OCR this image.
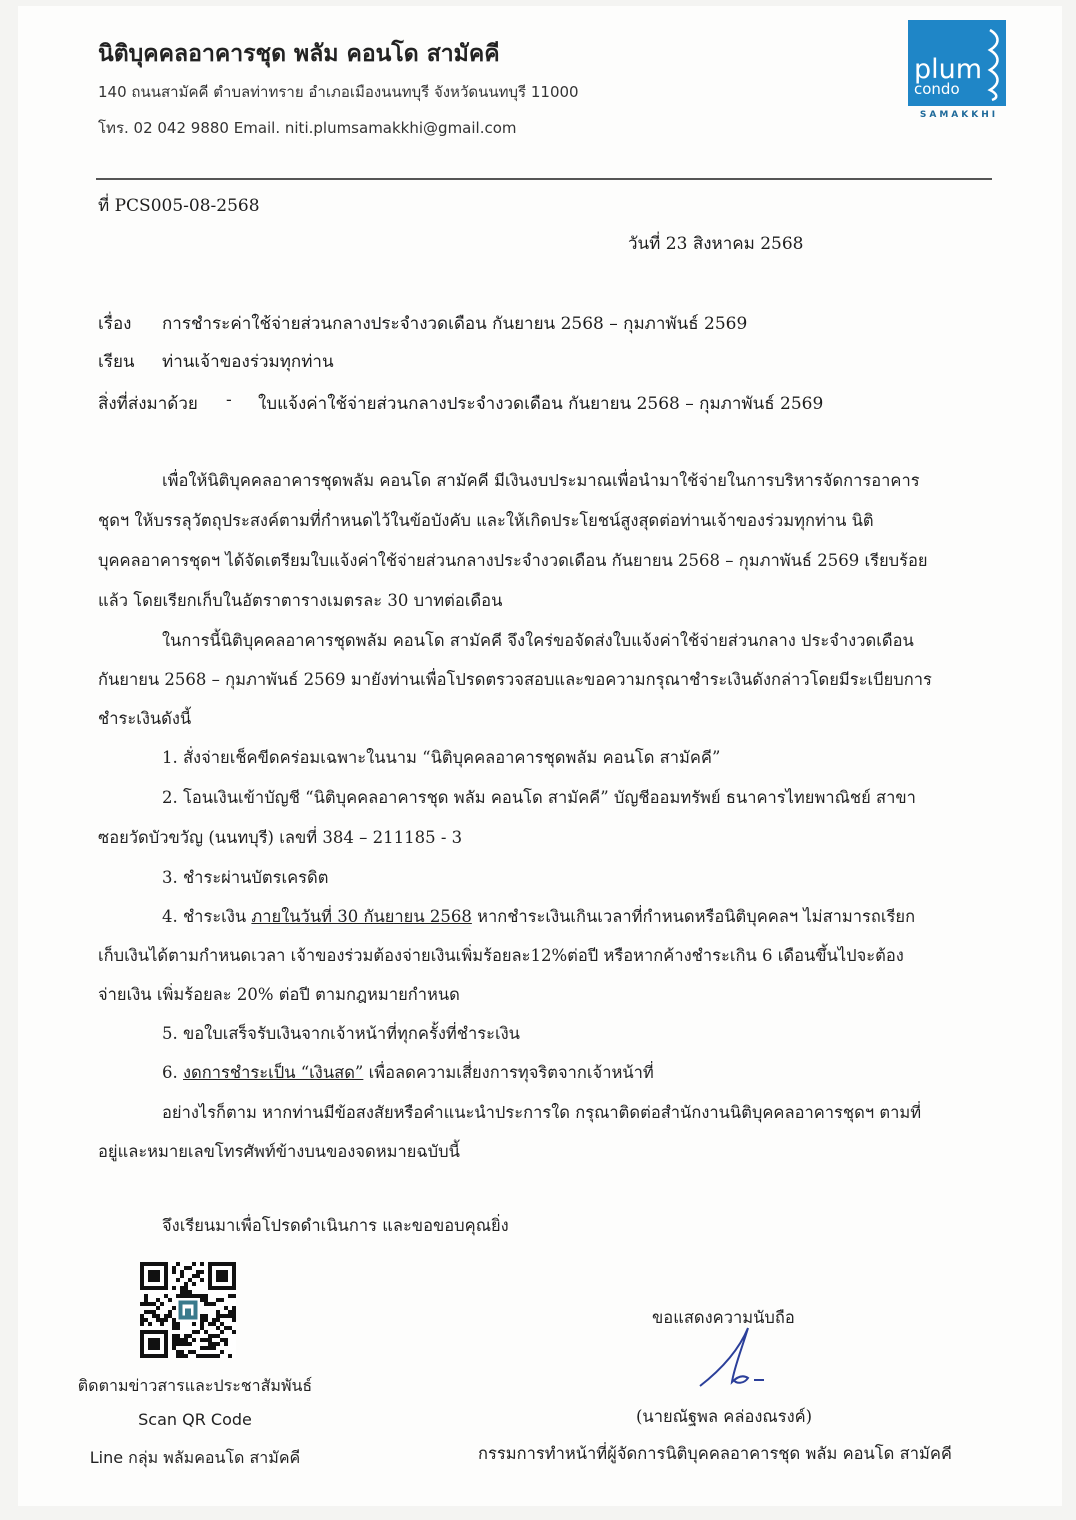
นิติบุคคลอาคารชุด พลัม คอนโด สามัคคี
140 ถนนสามัคคี ตำบลท่าทราย อำเภอเมืองนนทบุรี จังหวัดนนทบุรี 11000
โทร. 02 042 9880 Email. niti.plumsamakkhi@gmail.com
plum
condo
SAMAKKHI
ที่ PCS005-08-2568
วันที่ 23 สิงหาคม 2568
เรื่อง การชำระค่าใช้จ่ายส่วนกลางประจำงวดเดือน กันยายน 2568 – กุมภาพันธ์ 2569
เรียน ท่านเจ้าของร่วมทุกท่าน
สิ่งที่ส่งมาด้วย - ใบแจ้งค่าใช้จ่ายส่วนกลางประจำงวดเดือน กันยายน 2568 – กุมภาพันธ์ 2569
เพื่อให้นิติบุคคลอาคารชุดพลัม คอนโด สามัคคี มีเงินงบประมาณเพื่อนำมาใช้จ่ายในการบริหารจัดการอาคาร
ชุดฯ ให้บรรลุวัตถุประสงค์ตามที่กำหนดไว้ในข้อบังคับ และให้เกิดประโยชน์สูงสุดต่อท่านเจ้าของร่วมทุกท่าน นิติ
บุคคลอาคารชุดฯ ได้จัดเตรียมใบแจ้งค่าใช้จ่ายส่วนกลางประจำงวดเดือน กันยายน 2568 – กุมภาพันธ์ 2569 เรียบร้อย
แล้ว โดยเรียกเก็บในอัตราตารางเมตรละ 30 บาทต่อเดือน
ในการนี้นิติบุคคลอาคารชุดพลัม คอนโด สามัคคี จึงใคร่ขอจัดส่งใบแจ้งค่าใช้จ่ายส่วนกลาง ประจำงวดเดือน
กันยายน 2568 – กุมภาพันธ์ 2569 มายังท่านเพื่อโปรดตรวจสอบและขอความกรุณาชำระเงินดังกล่าวโดยมีระเบียบการ
ชำระเงินดังนี้
1. สั่งจ่ายเช็คขีดคร่อมเฉพาะในนาม “นิติบุคคลอาคารชุดพลัม คอนโด สามัคคี”
2. โอนเงินเข้าบัญชี “นิติบุคคลอาคารชุด พลัม คอนโด สามัคคี” บัญชีออมทรัพย์ ธนาคารไทยพาณิชย์ สาขา
ซอยวัดบัวขวัญ (นนทบุรี) เลขที่ 384 – 211185 - 3
3. ชำระผ่านบัตรเครดิต
4. ชำระเงิน ภายในวันที่ 30 กันยายน 2568 หากชำระเงินเกินเวลาที่กำหนดหรือนิติบุคคลฯ ไม่สามารถเรียก
เก็บเงินได้ตามกำหนดเวลา เจ้าของร่วมต้องจ่ายเงินเพิ่มร้อยละ12%ต่อปี หรือหากค้างชำระเกิน 6 เดือนขึ้นไปจะต้อง
จ่ายเงิน เพิ่มร้อยละ 20% ต่อปี ตามกฎหมายกำหนด
5. ขอใบเสร็จรับเงินจากเจ้าหน้าที่ทุกครั้งที่ชำระเงิน
6. งดการชำระเป็น “เงินสด” เพื่อลดความเสี่ยงการทุจริตจากเจ้าหน้าที่
อย่างไรก็ตาม หากท่านมีข้อสงสัยหรือคำแนะนำประการใด กรุณาติดต่อสำนักงานนิติบุคคลอาคารชุดฯ ตามที่
อยู่และหมายเลขโทรศัพท์ข้างบนของจดหมายฉบับนี้
จึงเรียนมาเพื่อโปรดดำเนินการ และขอขอบคุณยิ่ง
ติดตามข่าวสารและประชาสัมพันธ์
Scan QR Code
Line กลุ่ม พลัมคอนโด สามัคคี
ขอแสดงความนับถือ
(นายณัฐพล คล่องณรงค์)
กรรมการทำหน้าที่ผู้จัดการนิติบุคคลอาคารชุด พลัม คอนโด สามัคคี
